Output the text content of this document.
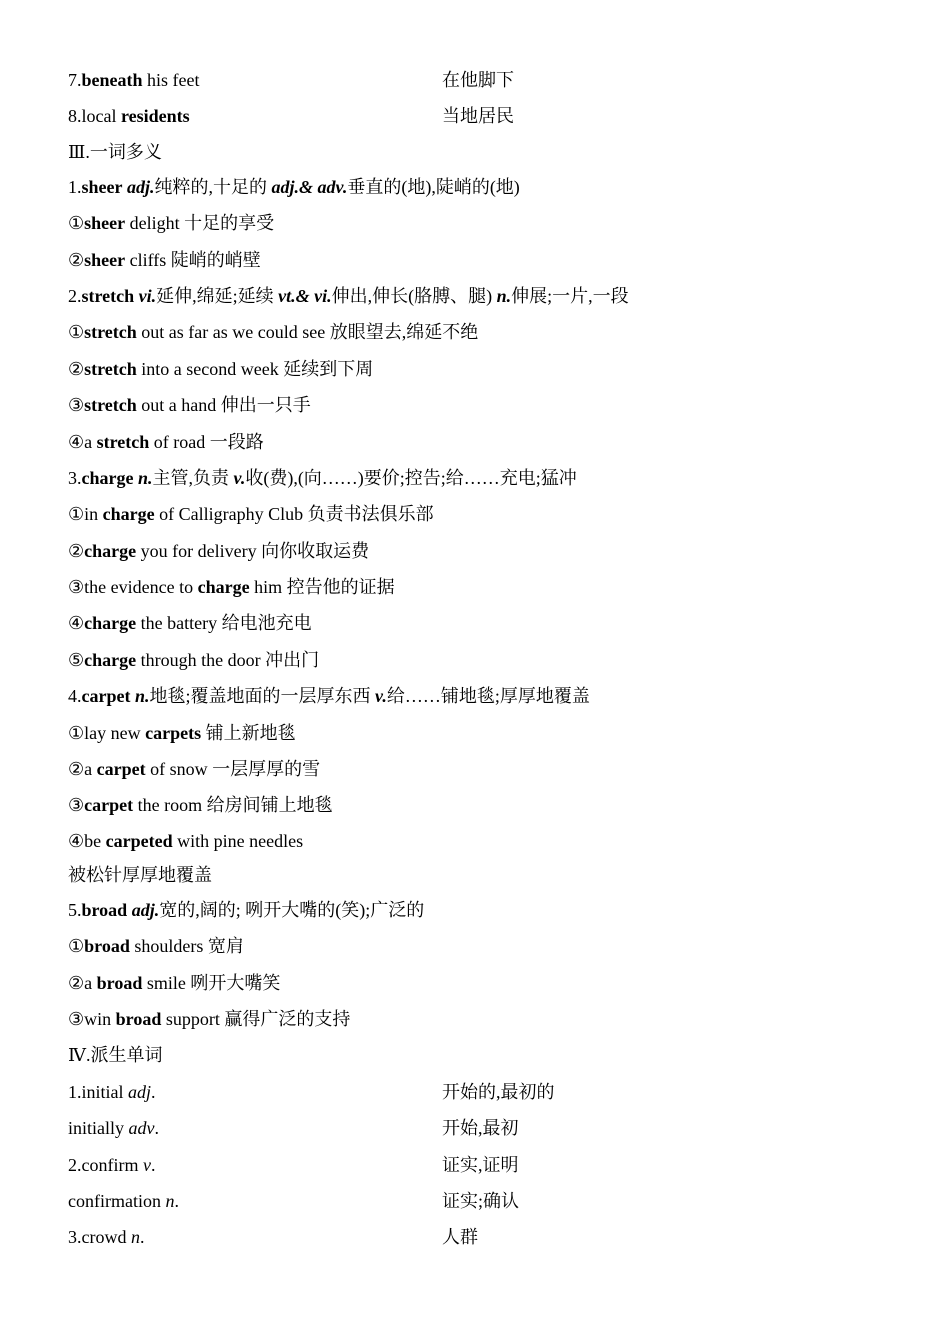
7.beneath his feet	在他脚下
8.local residents	当地居民
Ⅲ.一词多义
1.sheer adj.纯粹的,十足的 adj.& adv.垂直的(地),陡峭的(地)
①sheer delight 十足的享受
②sheer cliffs 陡峭的峭壁
2.stretch vi.延伸,绵延;延续 vt.& vi.伸出,伸长(胳膊、腿) n.伸展;一片,一段
①stretch out as far as we could see 放眼望去,绵延不绝
②stretch into a second week 延续到下周
③stretch out a hand 伸出一只手
④a stretch of road 一段路
3.charge n.主管,负责 v.收(费),(向……)要价;控告;给……充电;猛冲
①in charge of Calligraphy Club 负责书法俱乐部
②charge you for delivery 向你收取运费
③the evidence to charge him 控告他的证据
④charge the battery 给电池充电
⑤charge through the door 冲出门
4.carpet n.地毯;覆盖地面的一层厚东西 v.给……铺地毯;厚厚地覆盖
①lay new carpets 铺上新地毯
②a carpet of snow 一层厚厚的雪
③carpet the room 给房间铺上地毯
④be carpeted with pine needles
被松针厚厚地覆盖
5.broad adj.宽的,阔的; 咧开大嘴的(笑);广泛的
①broad shoulders 宽肩
②a broad smile 咧开大嘴笑
③win broad support 赢得广泛的支持
Ⅳ.派生单词
1.initial adj.	开始的,最初的
initially adv.	开始,最初
2.confirm v.	证实,证明
confirmation n.	证实;确认
3.crowd n.	人群
